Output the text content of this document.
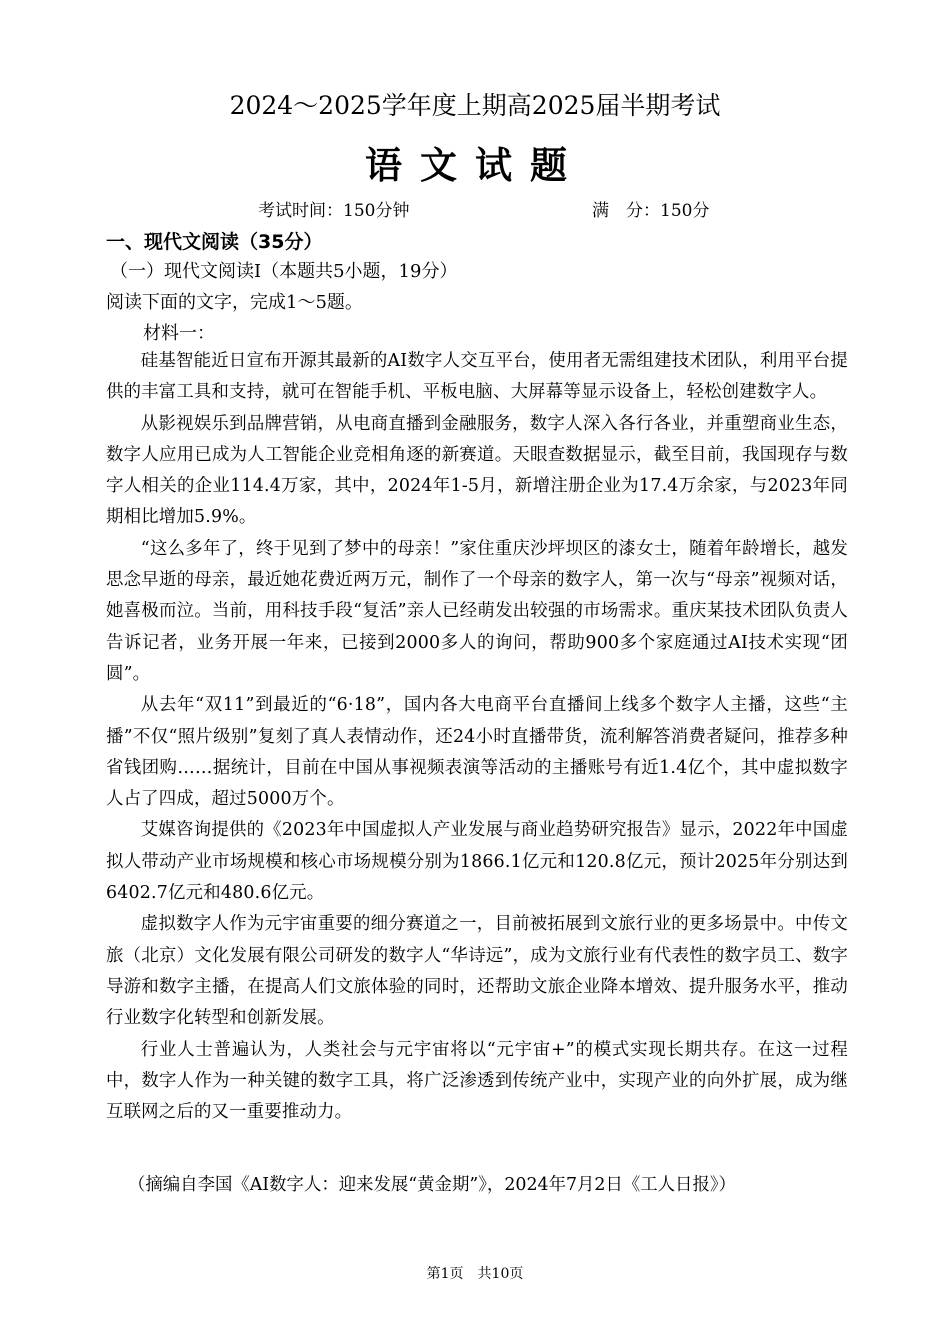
2024～2025学年度上期高2025届半期考试
语文试题
考试时间：150分钟	满　分：150分
一、现代文阅读（35分）
（一）现代文阅读Ⅰ（本题共5小题，19分）
阅读下面的文字，完成1～5题。
材料一：

硅基智能近日宣布开源其最新的AI数字人交互平台，使用者无需组建技术团队，利用平台提供的丰富工具和支持，就可在智能手机、平板电脑、大屏幕等显示设备上，轻松创建数字人。

从影视娱乐到品牌营销，从电商直播到金融服务，数字人深入各行各业，并重塑商业生态，数字人应用已成为人工智能企业竞相角逐的新赛道。天眼查数据显示，截至目前，我国现存与数字人相关的企业114.4万家，其中，2024年1-5月，新增注册企业为17.4万余家，与2023年同期相比增加5.9%。

“这么多年了，终于见到了梦中的母亲！”家住重庆沙坪坝区的漆女士，随着年龄增长，越发思念早逝的母亲，最近她花费近两万元，制作了一个母亲的数字人，第一次与“母亲”视频对话，她喜极而泣。当前，用科技手段“复活”亲人已经萌发出较强的市场需求。重庆某技术团队负责人告诉记者，业务开展一年来，已接到2000多人的询问，帮助900多个家庭通过AI技术实现“团圆”。

从去年“双11”到最近的“6·18”，国内各大电商平台直播间上线多个数字人主播，这些“主播”不仅“照片级别”复刻了真人表情动作，还24小时直播带货，流利解答消费者疑问，推荐多种省钱团购……据统计，目前在中国从事视频表演等活动的主播账号有近1.4亿个，其中虚拟数字人占了四成，超过5000万个。

艾媒咨询提供的《2023年中国虚拟人产业发展与商业趋势研究报告》显示，2022年中国虚拟人带动产业市场规模和核心市场规模分别为1866.1亿元和120.8亿元，预计2025年分别达到6402.7亿元和480.6亿元。

虚拟数字人作为元宇宙重要的细分赛道之一，目前被拓展到文旅行业的更多场景中。中传文旅（北京）文化发展有限公司研发的数字人“华诗远”，成为文旅行业有代表性的数字员工、数字导游和数字主播，在提高人们文旅体验的同时，还帮助文旅企业降本增效、提升服务水平，推动行业数字化转型和创新发展。

行业人士普遍认为，人类社会与元宇宙将以“元宇宙+”的模式实现长期共存。在这一过程中，数字人作为一种关键的数字工具，将广泛渗透到传统产业中，实现产业的向外扩展，成为继互联网之后的又一重要推动力。

（摘编自李国《AI数字人：迎来发展“黄金期”》，2024年7月2日《工人日报》）
第1页　共10页
